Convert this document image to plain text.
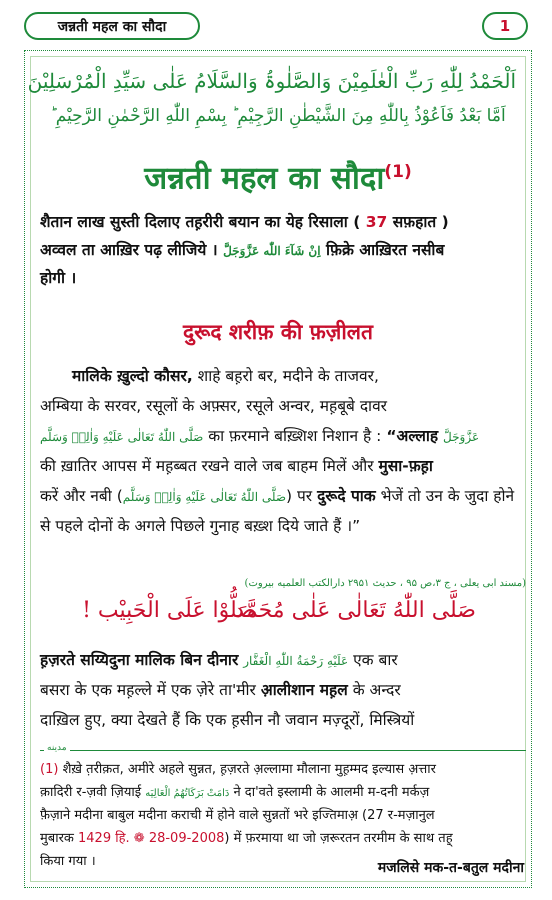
जन्नती महल का सौदा	1
اَلْحَمْدُ لِلّٰهِ رَبِّ الْعٰلَمِیْنَ وَالصَّلٰوۃُ وَالسَّلَامُ عَلٰی سَیِّدِ الْمُرْسَلِیْنَ
اَمَّا بَعْدُ فَاَعُوْذُ بِاللّٰهِ مِنَ الشَّیْطٰنِ الرَّجِیْمِ ؕ بِسْمِ اللّٰهِ الرَّحْمٰنِ الرَّحِیْمِ ؕ
जन्नती महल का सौदा$^{(1)}$
शैतान लाख सुस्ती दिलाए तह़रीरी बयान का येह रिसाला ( 37 सफ़हात )
अव्वल ता आख़िर पढ़ लीजिये । اِنْ شَآءَ اللّٰه عَزَّوَجَلَّ फ़िक्रे आख़िरत नसीब
होगी ।
दुरूद शरीफ़ की फ़ज़ीलत
मालिके ख़ुल्दो कौसर, शाहे बह़रो बर, मदीने के ताजवर,
अम्बिया के सरवर, रसूलों के अफ़्सर, रसूले अन्वर, मह़बूबे दावर
صَلَّی اللّٰهُ تَعَالٰی عَلَیْهِ وَاٰلِهٖ وَسَلَّم का फ़रमाने बख़्शिश निशान है : “अल्लाह عَزَّوَجَلَّ
की ख़ातिर आपस में मह़ब्बत रखने वाले जब बाहम मिलें और मुसा-फ़ह़ा
करें और नबी (صَلَّی اللّٰهُ تَعَالٰی عَلَیْهِ وَاٰلِهٖ وَسَلَّم) पर दुरूदे पाक भेजें तो उन के जुदा होने
से पहले दोनों के अगले पिछले गुनाह बख़्श दिये जाते हैं ।”
(مسند ابی یعلی ، ج ۳،ص ۹۵ ، حدیث ۲۹۵۱ دارالکتب العلمیه بیروت)
صَلُّوْا عَلَی الْحَبِیْب !
صَلَّی اللّٰهُ تَعَالٰی عَلٰی مُحَمَّد
ह़ज़रते सय्यिदुना मालिक बिन दीनार عَلَیْهِ رَحْمَةُ اللّٰهِ الْغَفَّار एक बार
बसरा के एक मह़ल्ले में एक ज़ेरे ता'मीर आ़लीशान मह़ल के अन्दर
दाख़िल हुए, क्या देखते हैं कि एक ह़सीन नौ जवान मज़्दूरों, मिस्त्रियों
مدینه
(1) शैख़े त़रीक़त, अमीरे अहले सुन्नत, ह़ज़रते अ़ल्लामा मौलाना मुह़म्मद इल्यास अ़त्तार
क़ादिरी र-ज़वी ज़ियाई دَامَتْ بَرَکَاتُهُمُ الْعَالِیَه ने दा'वते इस्लामी के आलमी म-दनी मर्कज़
फ़ैज़ाने मदीना बाबुल मदीना कराची में होने वाले सुन्नतों भरे इज्तिमाअ़ (27 र-मज़ानुल
मुबारक 1429 हि. ❁ 28-09-2008) में फ़रमाया था जो ज़रूरतन तरमीम के साथ तह़्
किया गया ।	मजलिसे मक-त-बतुल मदीना
